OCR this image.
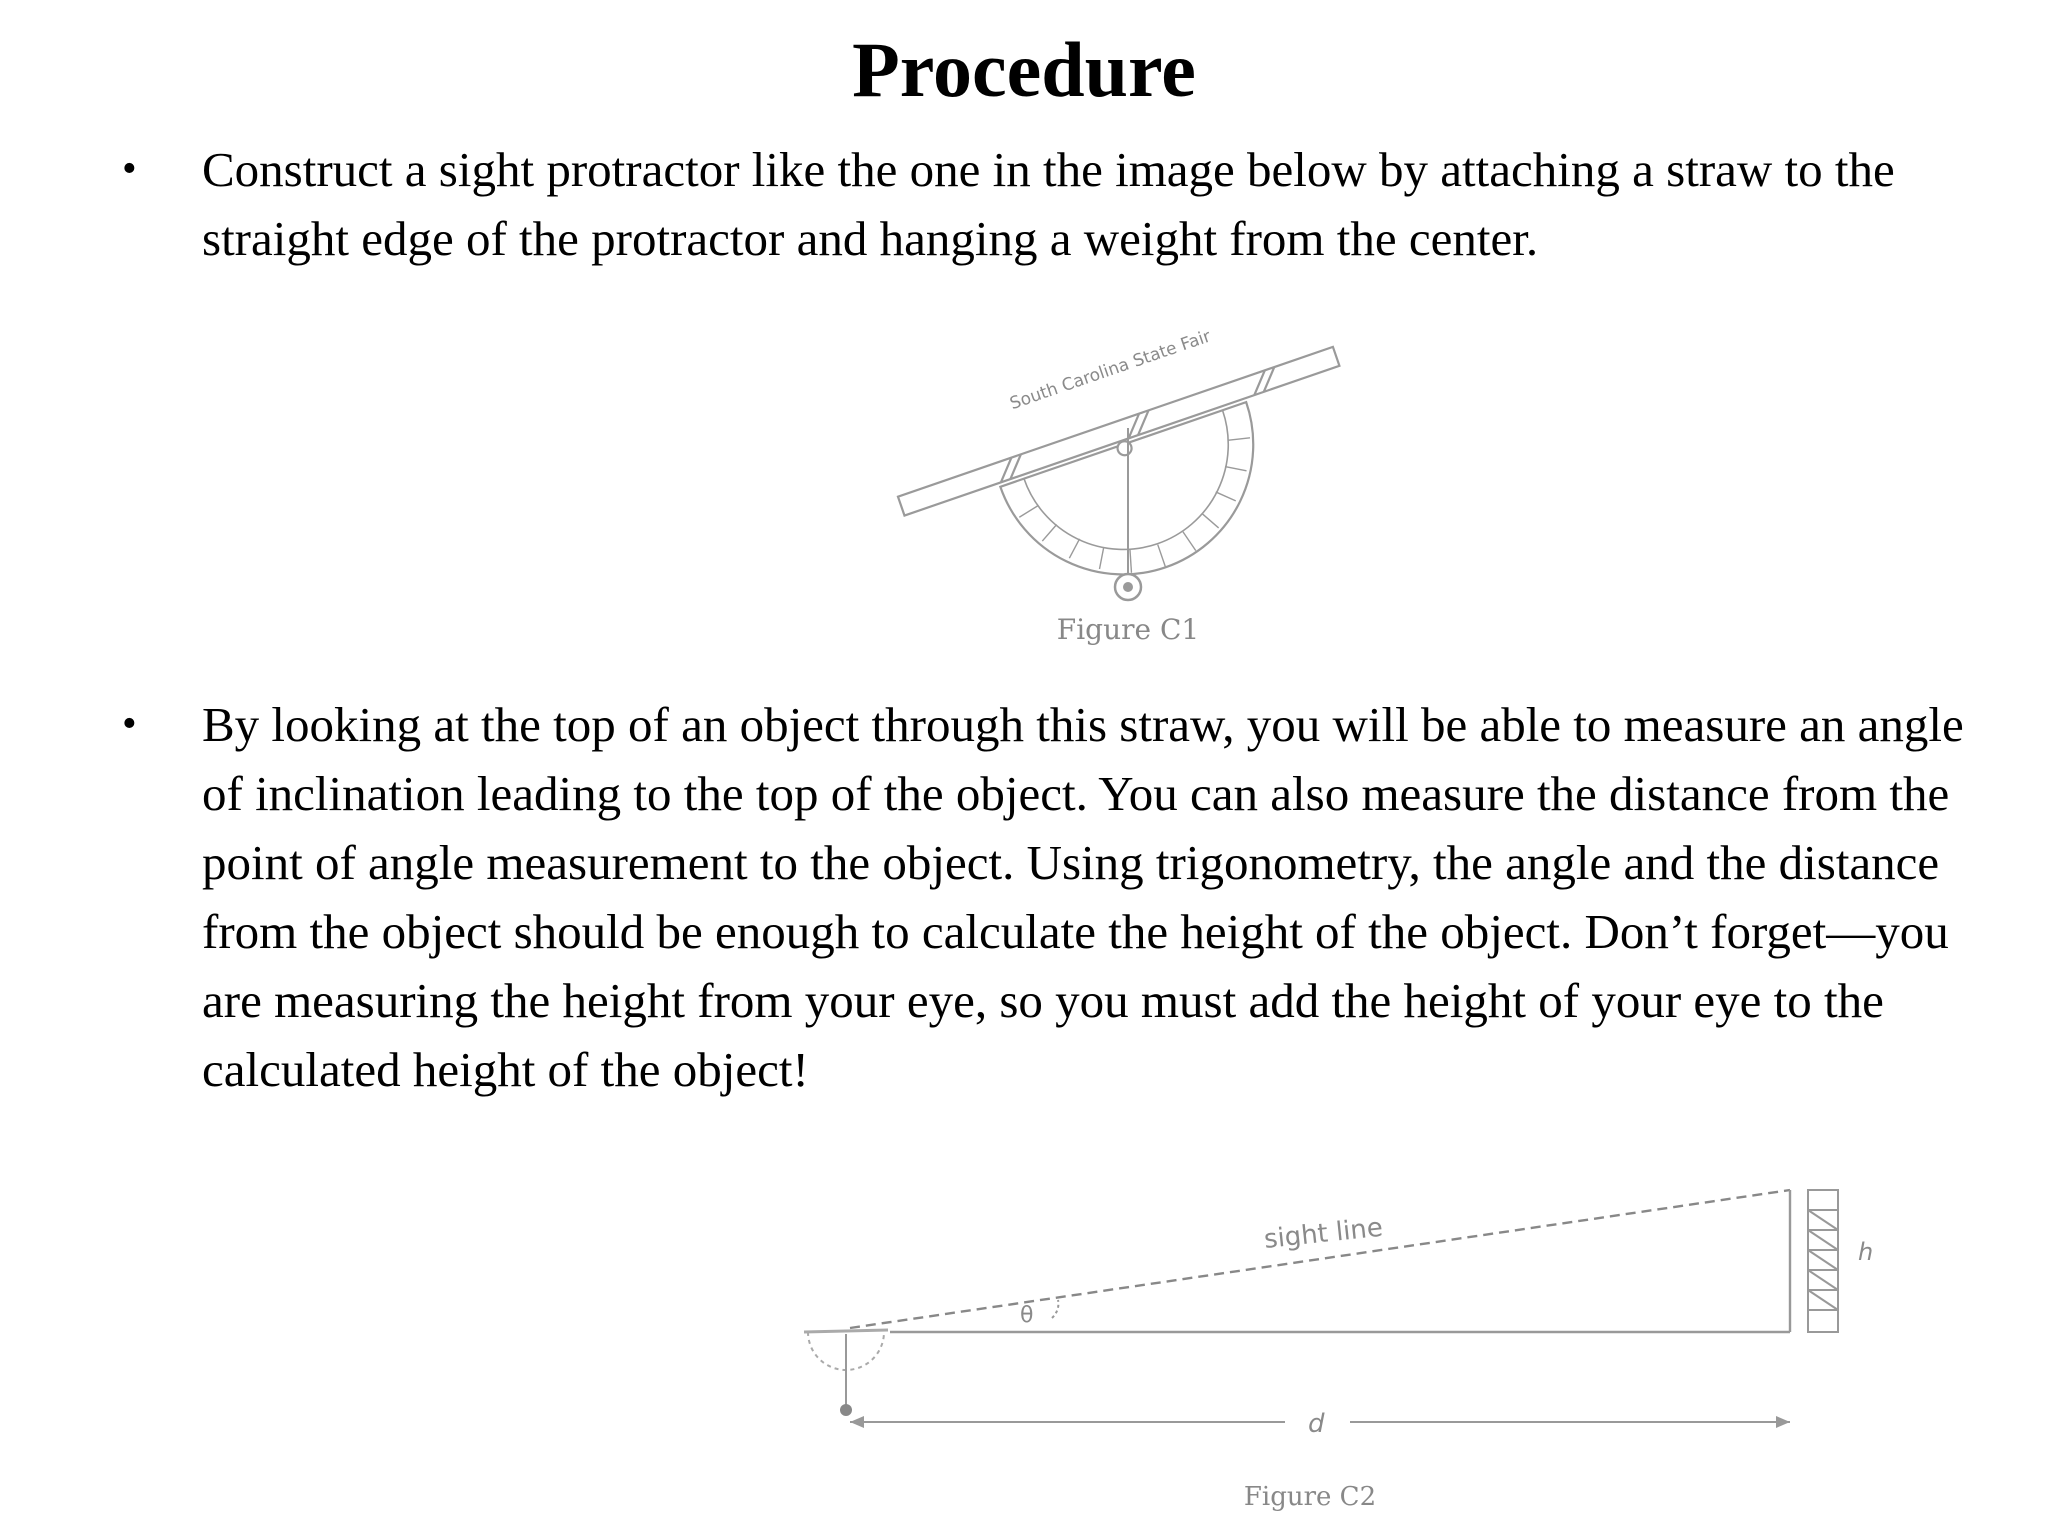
Procedure
• Construct a sight protractor like the one in the image below by attaching a straw to the straight edge of the protractor and hanging a weight from the center.
South Carolina State Fair
Figure C1
• By looking at the top of an object through this straw, you will be able to measure an angle of inclination leading to the top of the object. You can also measure the distance from the point of angle measurement to the object. Using trigonometry, the angle and the distance from the object should be enough to calculate the height of the object. Don’t forget—you are measuring the height from your eye, so you must add the height of your eye to the calculated height of the object!
sight line
θ
h
d
Figure C2
